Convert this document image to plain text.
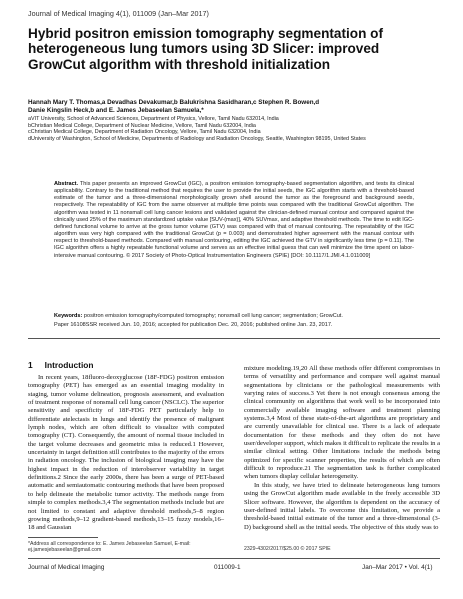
Journal of Medical Imaging 4(1), 011009 (Jan–Mar 2017)
Hybrid positron emission tomography segmentation of heterogeneous lung tumors using 3D Slicer: improved GrowCut algorithm with threshold initialization
Hannah Mary T. Thomas,a Devadhas Devakumar,b Balukrishna Sasidharan,c Stephen R. Bowen,d
Danie Kingslin Heck,b and E. James Jebaseelan Samuela,*
aVIT University, School of Advanced Sciences, Department of Physics, Vellore, Tamil Nadu 632014, India
bChristian Medical College, Department of Nuclear Medicine, Vellore, Tamil Nadu 632004, India
cChristian Medical College, Department of Radiation Oncology, Vellore, Tamil Nadu 632004, India
dUniversity of Washington, School of Medicine, Departments of Radiology and Radiation Oncology, Seattle, Washington 98195, United States
Abstract. This paper presents an improved GrowCut (IGC), a positron emission tomography-based segmentation algorithm, and tests its clinical applicability. Contrary to the traditional method that requires the user to provide the initial seeds, the IGC algorithm starts with a threshold-based estimate of the tumor and a three-dimensional morphologically grown shell around the tumor as the foreground and background seeds, respectively. The repeatability of IGC from the same observer at multiple time points was compared with the traditional GrowCut algorithm. The algorithm was tested in 11 nonsmall cell lung cancer lesions and validated against the clinician-defined manual contour and compared against the clinically used 25% of the maximum standardized uptake value [SUV-(max)], 40% SUVmax, and adaptive threshold methods. The time to edit IGC-defined functional volume to arrive at the gross tumor volume (GTV) was compared with that of manual contouring. The repeatability of the IGC algorithm was very high compared with the traditional GrowCut (p = 0.003) and demonstrated higher agreement with the manual contour with respect to threshold-based methods. Compared with manual contouring, editing the IGC achieved the GTV in significantly less time (p = 0.11). The IGC algorithm offers a highly repeatable functional volume and serves as an effective initial guess that can well minimize the time spent on labor-intensive manual contouring. © 2017 Society of Photo-Optical Instrumentation Engineers (SPIE) [DOI: 10.1117/1.JMI.4.1.011009]
Keywords: positron emission tomography/computed tomography; nonsmall cell lung cancer; segmentation; GrowCut.
Paper 16108SSR received Jun. 10, 2016; accepted for publication Dec. 20, 2016; published online Jan. 23, 2017.
1 Introduction

In recent years, 18fluoro-deoxyglucose (18F-FDG) positron emission tomography (PET) has emerged as an essential imaging modality in staging, tumor volume delineation, prognosis assessment, and evaluation of treatment response of nonsmall cell lung cancer (NSCLC). The superior sensitivity and specificity of 18F-FDG PET particularly help to differentiate atelectasis in lungs and identify the presence of malignant lymph nodes, which are often difficult to visualize with computed tomography (CT). Consequently, the amount of normal tissue included in the target volume decreases and geometric miss is reduced.1 However, uncertainty in target definition still contributes to the majority of the errors in radiation oncology. The inclusion of biological imaging may have the highest impact in the reduction of interobserver variability in target definitions.2 Since the early 2000s, there has been a surge of PET-based automatic and semiautomatic contouring methods that have been proposed to help delineate the metabolic tumor activity. The methods range from simple to complex methods.3,4 The segmentation methods include but are not limited to constant and adaptive threshold methods,5–8 region growing methods,9–12 gradient-based methods,13–15 fuzzy models,16–18 and Gaussian

mixture modeling.19,20 All these methods offer different compromises in terms of versatility and performance and compare well against manual segmentations by clinicians or the pathological measurements with varying rates of success.3 Yet there is not enough consensus among the clinical community on algorithms that work well to be incorporated into commercially available imaging software and treatment planning systems.3,4 Most of these state-of-the-art algorithms are proprietary and are currently unavailable for clinical use. There is a lack of adequate documentation for these methods and they often do not have user/developer support, which makes it difficult to replicate the results in a similar clinical setting. Other limitations include the methods being optimized for specific scanner properties, the results of which are often difficult to reproduce.21 The segmentation task is further complicated when tumors display cellular heterogeneity.

In this study, we have tried to delineate heterogeneous lung tumors using the GrowCut algorithm made available in the freely accessible 3D Slicer software. However, the algorithm is dependent on the accuracy of user-defined initial labels. To overcome this limitation, we provide a threshold-based initial estimate of the tumor and a three-dimensional (3-D) background shell as the initial seeds. The objective of this study was to

*Address all correspondence to: E. James Jebaseelan Samuel, E-mail: ej.jamesjebaseelan@gmail.com	2329-4302/2017/$25.00 © 2017 SPIE
Journal of Medical Imaging	011009-1	Jan–Mar 2017 • Vol. 4(1)
